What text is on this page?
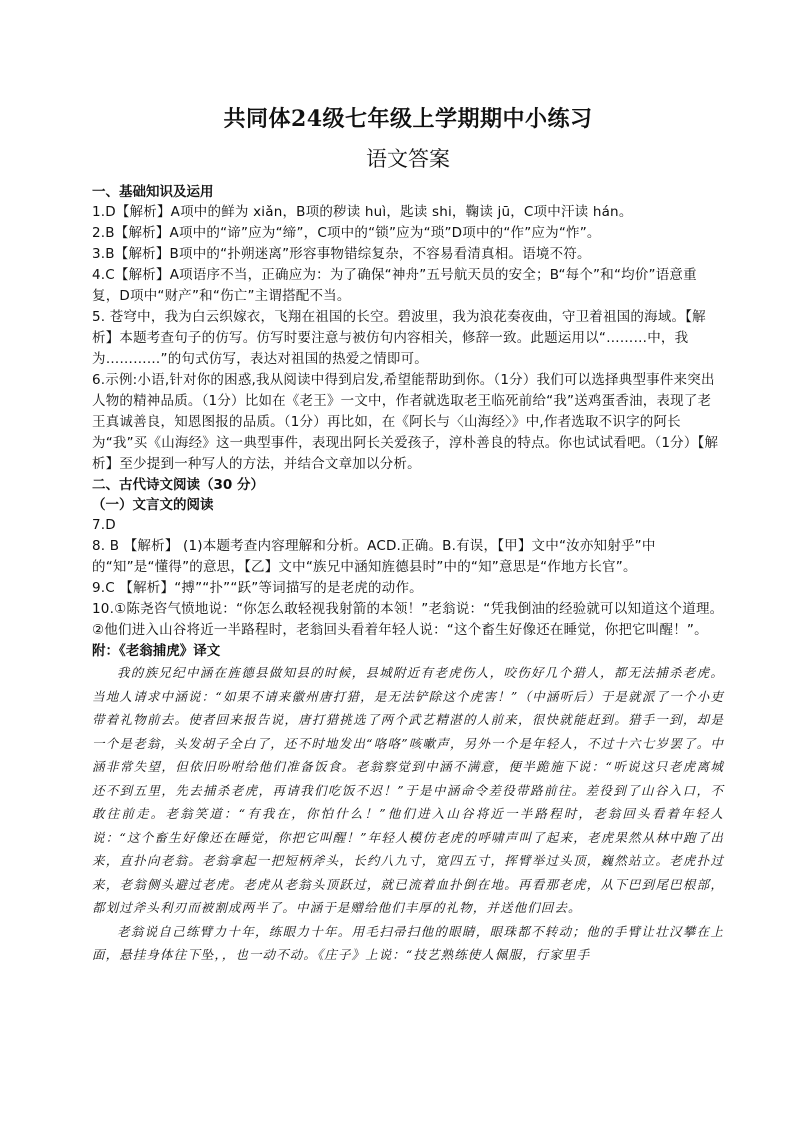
共同体24级七年级上学期期中小练习
语文答案
一、基础知识及运用
1.D【解析】A项中的鲜为 xiǎn，B项的秽读 huì，匙读 shi，鞠读 jū，C项中汗读 hán。
2.B【解析】A项中的“谛”应为“缔”，C项中的“锁”应为“琐”D项中的“作”应为“怍”。
3.B【解析】B项中的“扑朔迷离”形容事物错综复杂，不容易看清真相。语境不符。
4.C【解析】A项语序不当，正确应为：为了确保“神舟”五号航天员的安全；B“每个”和“均价”语意重复，D项中“财产”和“伤亡”主谓搭配不当。
5. 苍穹中，我为白云织嫁衣，飞翔在祖国的长空。碧波里，我为浪花奏夜曲，守卫着祖国的海域。【解析】本题考查句子的仿写。仿写时要注意与被仿句内容相关，修辞一致。此题运用以“………中，我为…………”的句式仿写，表达对祖国的热爱之情即可。
6.示例:小语,针对你的困惑,我从阅读中得到启发,希望能帮助到你。（1分）我们可以选择典型事件来突出人物的精神品质。（1分）比如在《老王》一文中，作者就选取老王临死前给“我”送鸡蛋香油，表现了老王真诚善良，知恩图报的品质。（1分）再比如，在《阿长与〈山海经〉》中,作者选取不识字的阿长为“我”买《山海经》这一典型事件，表现出阿长关爱孩子，淳朴善良的特点。你也试试看吧。（1分）【解析】至少提到一种写人的方法，并结合文章加以分析。
二、古代诗文阅读（30 分）
（一）文言文的阅读
7.D
8. B 【解析】 (1)本题考查内容理解和分析。ACD.正确。B.有误，【甲】文中“汝亦知射乎”中的“知”是“懂得”的意思，【乙】文中“族兄中涵知旌德县时”中的“知”意思是“作地方长官”。
9.C 【解析】“搏”“扑”“跃”等词描写的是老虎的动作。
10.①陈尧咨气愤地说：“你怎么敢轻视我射箭的本领！”老翁说：“凭我倒油的经验就可以知道这个道理。
②他们进入山谷将近一半路程时，老翁回头看着年轻人说：“这个畜生好像还在睡觉，你把它叫醒！”。
附：《老翁捕虎》译文
我的族兄纪中涵在旌德县做知县的时候，县城附近有老虎伤人，咬伤好几个猎人，都无法捕杀老虎。当地人请求中涵说：“如果不请来徽州唐打猎，是无法铲除这个虎害！”（中涵听后）于是就派了一个小吏带着礼物前去。使者回来报告说，唐打猎挑选了两个武艺精湛的人前来，很快就能赶到。猎手一到，却是一个是老翁，头发胡子全白了，还不时地发出“咯咯”咳嗽声，另外一个是年轻人，不过十六七岁罢了。中涵非常失望，但依旧吩咐给他们准备饭食。老翁察觉到中涵不满意，便半跪施下说：“听说这只老虎离城还不到五里，先去捕杀老虎，再请我们吃饭不迟！”于是中涵命令差役带路前往。差役到了山谷入口，不敢往前走。老翁笑道：“有我在，你怕什么！”他们进入山谷将近一半路程时，老翁回头看着年轻人说：“这个畜生好像还在睡觉，你把它叫醒！”年轻人模仿老虎的呼啸声叫了起来，老虎果然从林中跑了出来，直扑向老翁。老翁拿起一把短柄斧头，长约八九寸，宽四五寸，挥臂举过头顶，巍然站立。老虎扑过来，老翁侧头避过老虎。老虎从老翁头顶跃过，就已流着血扑倒在地。再看那老虎，从下巴到尾巴根部，都划过斧头利刃而被割成两半了。中涵于是赠给他们丰厚的礼物，并送他们回去。
老翁说自己练臂力十年，练眼力十年。用毛扫帚扫他的眼睛，眼珠都不转动；他的手臂让壮汉攀在上面，悬挂身体往下坠，，也一动不动。《庄子》上说：“技艺熟练使人佩服，行家里手
